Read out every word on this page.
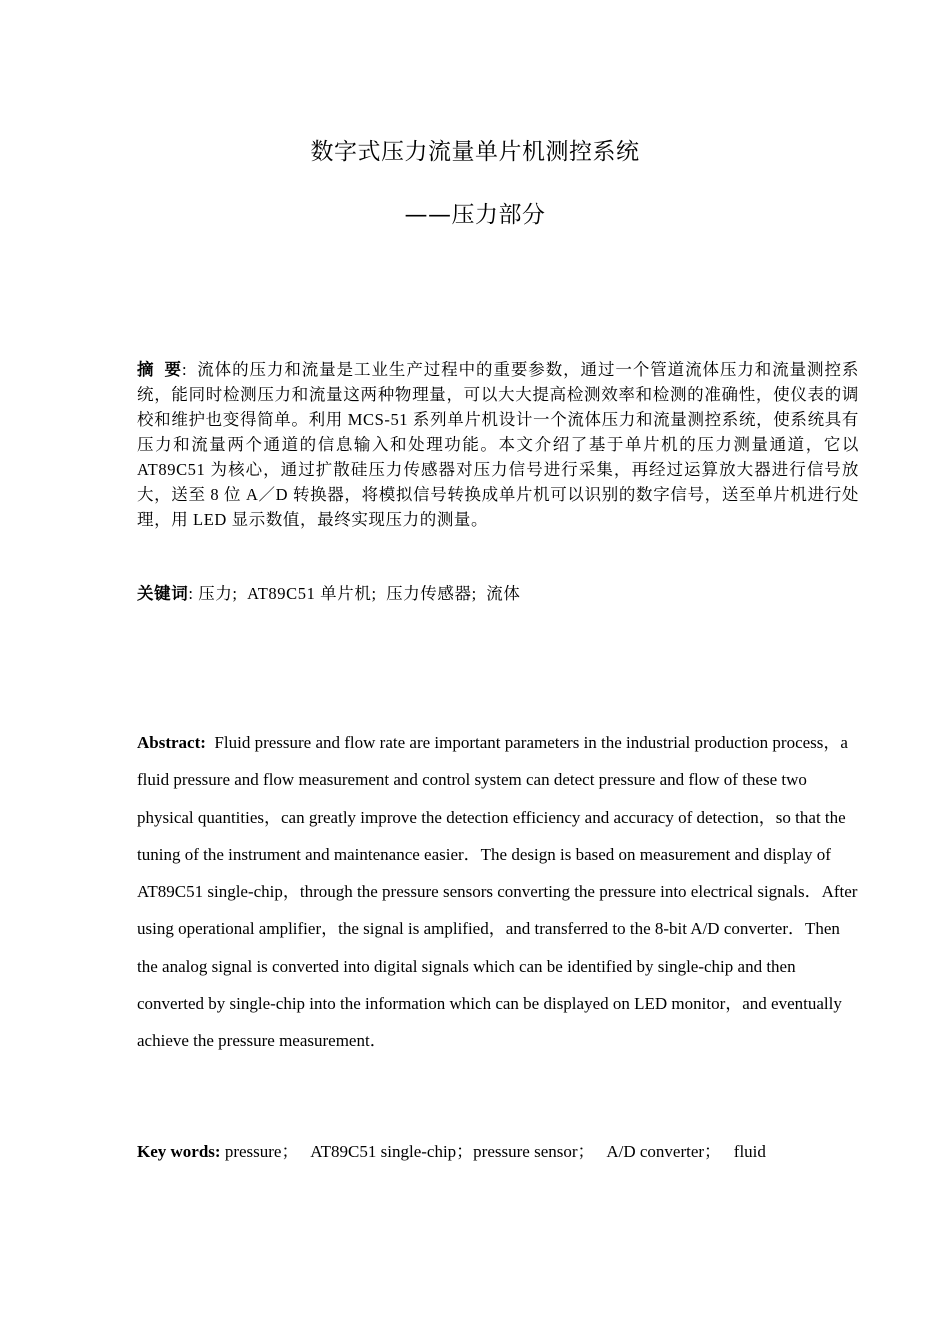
数字式压力流量单片机测控系统
——压力部分
摘  要: 流体的压力和流量是工业生产过程中的重要参数，通过一个管道流体压力和流量测控系统，能同时检测压力和流量这两种物理量，可以大大提高检测效率和检测的准确性，使仪表的调校和维护也变得简单。利用 MCS-51 系列单片机设计一个流体压力和流量测控系统，使系统具有压力和流量两个通道的信息输入和处理功能。本文介绍了基于单片机的压力测量通道，它以 AT89C51 为核心，通过扩散硅压力传感器对压力信号进行采集，再经过运算放大器进行信号放大，送至 8 位 A／D 转换器，将模拟信号转换成单片机可以识别的数字信号，送至单片机进行处理，用 LED 显示数值，最终实现压力的测量。
关键词: 压力;  AT89C51 单片机;  压力传感器;  流体
Abstract: Fluid pressure and flow rate are important parameters in the industrial production process，a fluid pressure and flow measurement and control system can detect pressure and flow of these two physical quantities，can greatly improve the detection efficiency and accuracy of detection，so that the tuning of the instrument and maintenance easier．The design is based on measurement and display of AT89C51 single-chip，through the pressure sensors converting the pressure into electrical signals．After using operational amplifier，the signal is amplified，and transferred to the 8-bit A/D converter．Then the analog signal is converted into digital signals which can be identified by single-chip and then converted by single-chip into the information which can be displayed on LED monitor，and eventually achieve the pressure measurement．
Key words: pressure；   AT89C51 single-chip；pressure sensor；   A/D converter；   fluid
